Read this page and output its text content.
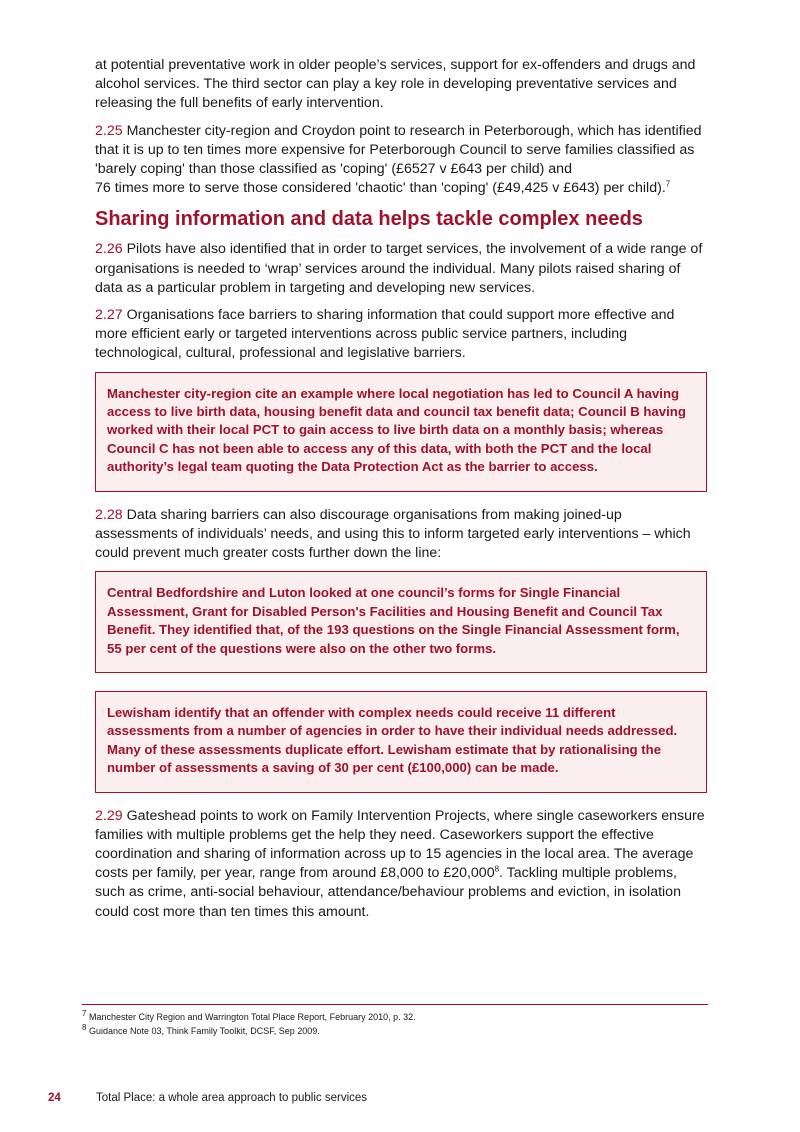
at potential preventative work in older people’s services, support for ex-offenders and drugs and alcohol services. The third sector can play a key role in developing preventative services and releasing the full benefits of early intervention.

2.25 Manchester city-region and Croydon point to research in Peterborough, which has identified that it is up to ten times more expensive for Peterborough Council to serve families classified as 'barely coping' than those classified as 'coping' (£6527 v £643 per child) and
76 times more to serve those considered 'chaotic' than 'coping' (£49,425 v £643) per child).$^7$

Sharing information and data helps tackle complex needs

2.26 Pilots have also identified that in order to target services, the involvement of a wide range of organisations is needed to ‘wrap’ services around the individual. Many pilots raised sharing of data as a particular problem in targeting and developing new services.

2.27 Organisations face barriers to sharing information that could support more effective and more efficient early or targeted interventions across public service partners, including technological, cultural, professional and legislative barriers.

Manchester city-region cite an example where local negotiation has led to Council A having access to live birth data, housing benefit data and council tax benefit data; Council B having worked with their local PCT to gain access to live birth data on a monthly basis; whereas Council C has not been able to access any of this data, with both the PCT and the local authority’s legal team quoting the Data Protection Act as the barrier to access.

2.28 Data sharing barriers can also discourage organisations from making joined-up assessments of individuals’ needs, and using this to inform targeted early interventions – which could prevent much greater costs further down the line:

Central Bedfordshire and Luton looked at one council’s forms for Single Financial Assessment, Grant for Disabled Person's Facilities and Housing Benefit and Council Tax Benefit. They identified that, of the 193 questions on the Single Financial Assessment form, 55 per cent of the questions were also on the other two forms.

Lewisham identify that an offender with complex needs could receive 11 different assessments from a number of agencies in order to have their individual needs addressed. Many of these assessments duplicate effort. Lewisham estimate that by rationalising the number of assessments a saving of 30 per cent (£100,000) can be made.

2.29 Gateshead points to work on Family Intervention Projects, where single caseworkers ensure families with multiple problems get the help they need. Caseworkers support the effective coordination and sharing of information across up to 15 agencies in the local area. The average costs per family, per year, range from around £8,000 to £20,000$^8$. Tackling multiple problems, such as crime, anti-social behaviour, attendance/behaviour problems and eviction, in isolation could cost more than ten times this amount.

$^7$ Manchester City Region and Warrington Total Place Report, February 2010, p. 32.

$^8$ Guidance Note 03, Think Family Toolkit, DCSF, Sep 2009.

24	Total Place: a whole area approach to public services
